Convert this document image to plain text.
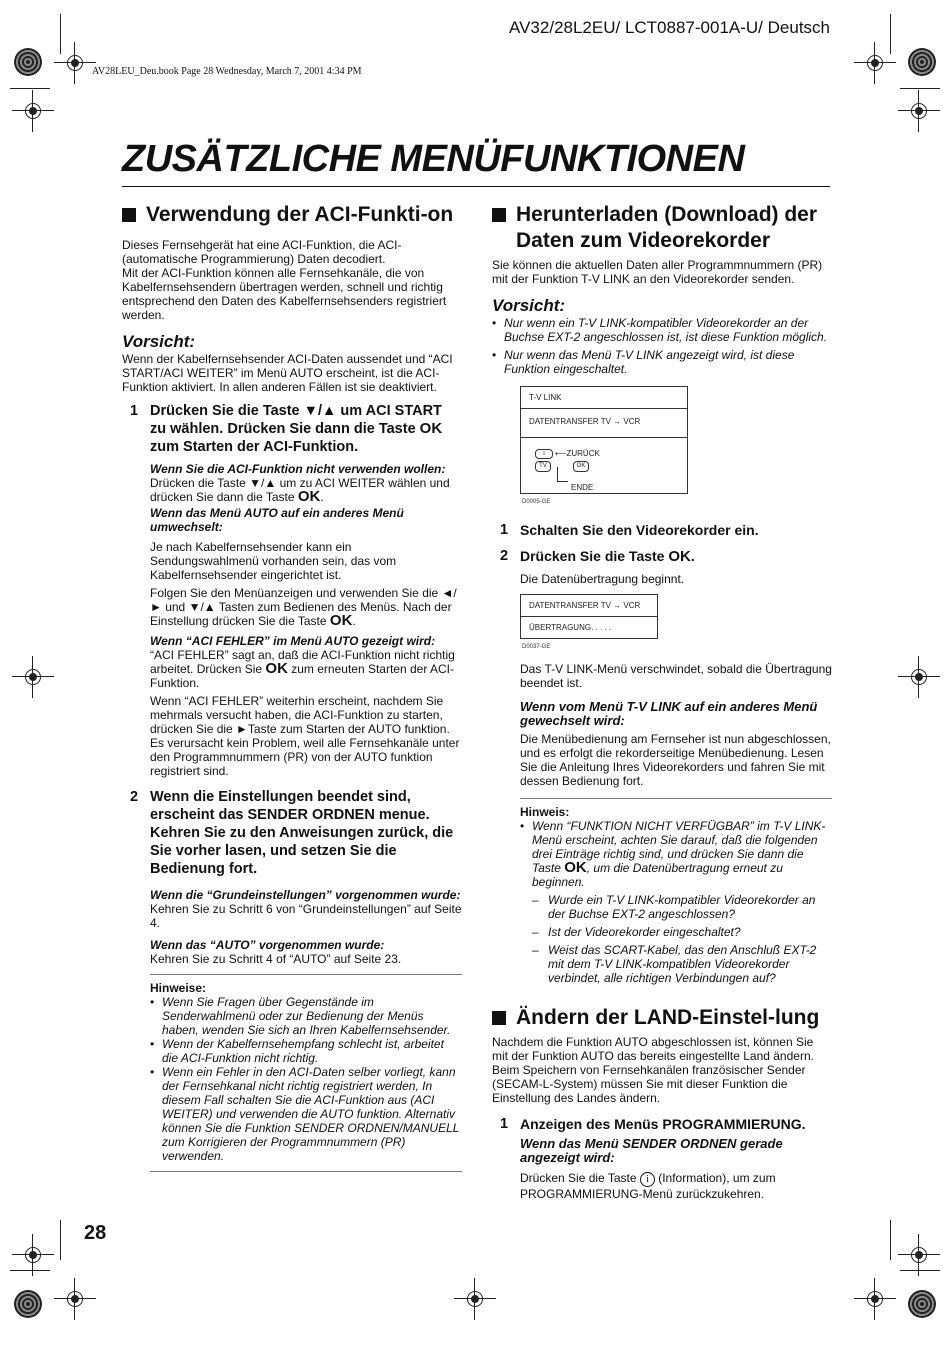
AV32/28L2EU/ LCT0887-001A-U/ Deutsch
AV28LEU_Deu.book Page 28 Wednesday, March 7, 2001 4:34 PM
ZUSÄTZLICHE MENÜFUNKTIONEN
Verwendung der ACI-Funkti-on

Dieses Fernsehgerät hat eine ACI-Funktion, die ACI- (automatische Programmierung) Daten decodiert.

Mit der ACI-Funktion können alle Fernsehkanäle, die von Kabelfernsehsendern übertragen werden, schnell und richtig entsprechend den Daten des Kabelfernsehsenders registriert werden.

Vorsicht:

Wenn der Kabelfernsehsender ACI-Daten aussendet und “ACI START/ACI WEITER” im Menü AUTO erscheint, ist die ACI-Funktion aktiviert. In allen anderen Fällen ist sie deaktiviert.

1 Drücken Sie die Taste ▼/▲ um ACI START zu wählen. Drücken Sie dann die Taste OK zum Starten der ACI-Funktion.
Wenn Sie die ACI-Funktion nicht verwenden wollen:

Drücken die Taste ▼/▲ um zu ACI WEITER wählen und drücken Sie dann die Taste OK.

Wenn das Menü AUTO auf ein anderes Menü umwechselt:

Je nach Kabelfernsehsender kann ein Sendungswahlmenü vorhanden sein, das vom Kabelfernsehsender eingerichtet ist.

Folgen Sie den Menüanzeigen und verwenden Sie die ◄/► und ▼/▲ Tasten zum Bedienen des Menüs. Nach der Einstellung drücken Sie die Taste OK.

Wenn “ACI FEHLER” im Menü AUTO gezeigt wird:

“ACI FEHLER” sagt an, daß die ACI-Funktion nicht richtig arbeitet. Drücken Sie OK zum erneuten Starten der ACI-Funktion.

Wenn “ACI FEHLER” weiterhin erscheint, nachdem Sie mehrmals versucht haben, die ACI-Funktion zu starten, drücken Sie die ►Taste zum Starten der AUTO funktion. Es verursacht kein Problem, weil alle Fernsehkanäle unter den Programmnummern (PR) von der AUTO funktion registriert sind.

2 Wenn die Einstellungen beendet sind, erscheint das SENDER ORDNEN menue. Kehren Sie zu den Anweisungen zurück, die Sie vorher lasen, und setzen Sie die Bedienung fort.
Wenn die “Grundeinstellungen” vorgenommen wurde:

Kehren Sie zu Schritt 6 von “Grundeinstellungen” auf Seite 4.

Wenn das “AUTO” vorgenommen wurde:

Kehren Sie zu Schritt 4 of “AUTO” auf Seite 23.

Hinweise:
• Wenn Sie Fragen über Gegenstände im Senderwahlmenü oder zur Bedienung der Menüs haben, wenden Sie sich an Ihren Kabelfernsehsender.
• Wenn der Kabelfernsehempfang schlecht ist, arbeitet die ACI-Funktion nicht richtig.
• Wenn ein Fehler in den ACI-Daten selber vorliegt, kann der Fernsehkanal nicht richtig registriert werden, In diesem Fall schalten Sie die ACI-Funktion aus (ACI WEITER) und verwenden die AUTO funktion. Alternativ können Sie die Funktion SENDER ORDNEN/MANUELL zum Korrigieren der Programmnummern (PR) verwenden.
Herunterladen (Download) der Daten zum Videorekorder

Sie können die aktuellen Daten aller Programmnummern (PR) mit der Funktion T-V LINK an den Videorekorder senden.

Vorsicht:
• Nur wenn ein T-V LINK-kompatibler Videorekorder an der Buchse EXT-2 angeschlossen ist, ist diese Funktion möglich.
• Nur wenn das Menü T-V LINK angezeigt wird, ist diese Funktion eingeschaltet.
T-V LINK
DATENTRANSFER TV → VCR
i	⟵ZURÜCK
TV	OK
ENDE
D0005-GE
1 Schalten Sie den Videorekorder ein.
2 Drücken Sie die Taste OK.

Die Datenübertragung beginnt.

DATENTRANSFER TV → VCR
ÜBERTRAGUNG. . . . .
D0037-GE

Das T-V LINK-Menü verschwindet, sobald die Übertragung beendet ist.

Wenn vom Menü T-V LINK auf ein anderes Menü gewechselt wird:

Die Menübedienung am Fernseher ist nun abgeschlossen, und es erfolgt die rekorderseitige Menübedienung. Lesen Sie die Anleitung Ihres Videorekorders und fahren Sie mit dessen Bedienung fort.

Hinweis:
• Wenn “FUNKTION NICHT VERFÜGBAR” im T-V LINK-Menü erscheint, achten Sie darauf, daß die folgenden drei Einträge richtig sind, und drücken Sie dann die Taste OK, um die Datenübertragung erneut zu beginnen.
– Wurde ein T-V LINK-kompatibler Videorekorder an der Buchse EXT-2 angeschlossen?
– Ist der Videorekorder eingeschaltet?
– Weist das SCART-Kabel, das den Anschluß EXT-2 mit dem T-V LINK-kompatiblen Videorekorder verbindet, alle richtigen Verbindungen auf?
Ändern der LAND-Einstel-lung

Nachdem die Funktion AUTO abgeschlossen ist, können Sie mit der Funktion AUTO das bereits eingestellte Land ändern. Beim Speichern von Fernsehkanälen französischer Sender (SECAM-L-System) müssen Sie mit dieser Funktion die Einstellung des Landes ändern.

1 Anzeigen des Menüs PROGRAMMIERUNG.
Wenn das Menü SENDER ORDNEN gerade angezeigt wird:

Drücken Sie die Taste i (Information), um zum PROGRAMMIERUNG-Menü zurückzukehren.

28
